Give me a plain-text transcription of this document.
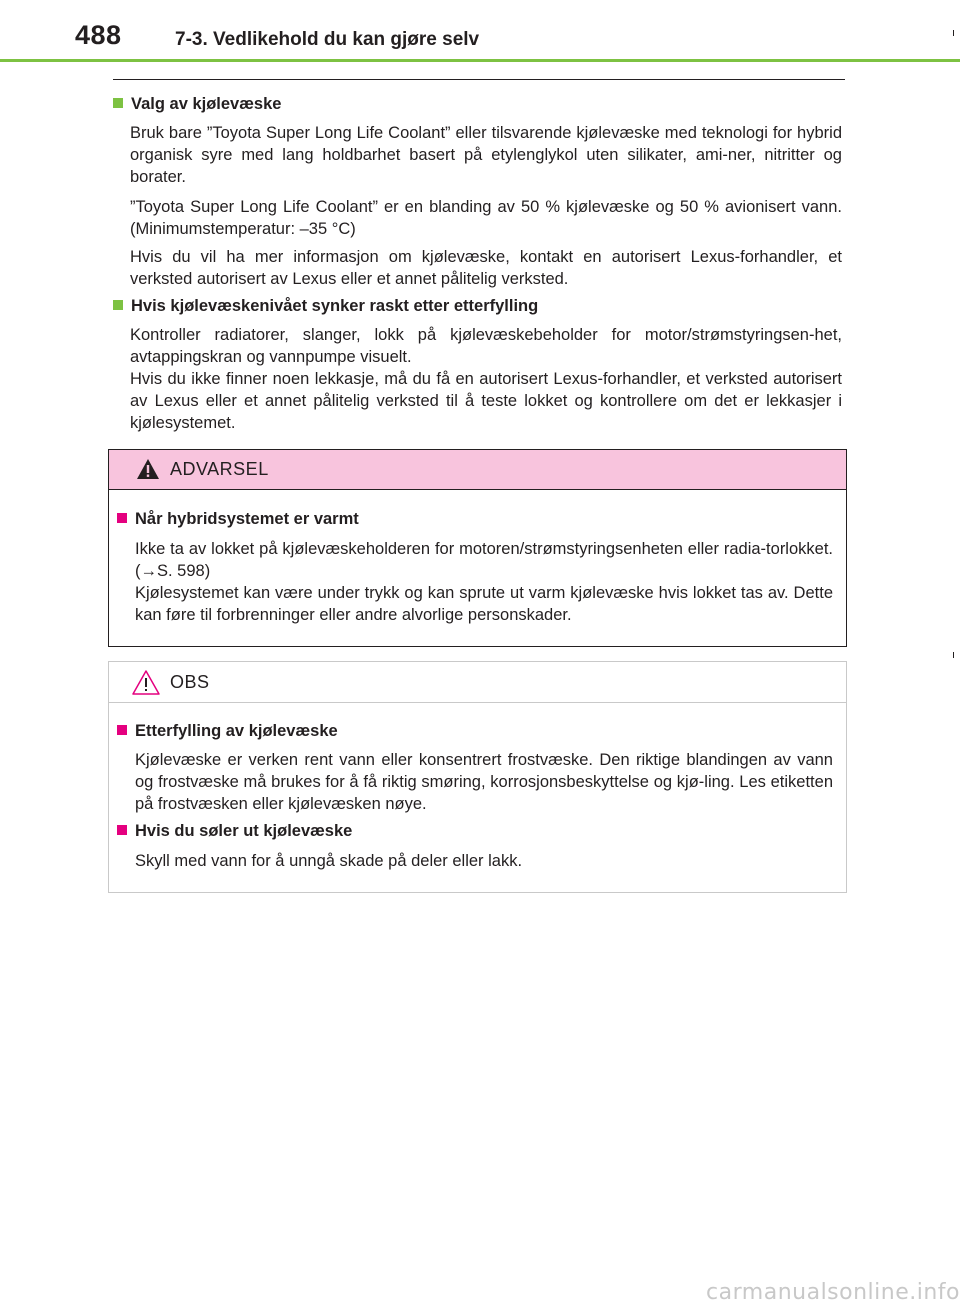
488	7-3. Vedlikehold du kan gjøre selv
Valg av kjølevæske
Bruk bare ”Toyota Super Long Life Coolant” eller tilsvarende kjølevæske med teknologi for hybrid organisk syre med lang holdbarhet basert på etylenglykol uten silikater, ami-ner, nitritter og borater.
”Toyota Super Long Life Coolant” er en blanding av 50 % kjølevæske og 50 % avionisert vann. (Minimumstemperatur: –35 °C)
Hvis du vil ha mer informasjon om kjølevæske, kontakt en autorisert Lexus-forhandler, et verksted autorisert av Lexus eller et annet pålitelig verksted.
Hvis kjølevæskenivået synker raskt etter etterfylling
Kontroller radiatorer, slanger, lokk på kjølevæskebeholder for motor/strømstyringsen-het, avtappingskran og vannpumpe visuelt.
Hvis du ikke finner noen lekkasje, må du få en autorisert Lexus-forhandler, et verksted autorisert av Lexus eller et annet pålitelig verksted til å teste lokket og kontrollere om det er lekkasjer i kjølesystemet.
ADVARSEL
Når hybridsystemet er varmt
Ikke ta av lokket på kjølevæskeholderen for motoren/strømstyringsenheten eller radia-torlokket. (→S. 598)
Kjølesystemet kan være under trykk og kan sprute ut varm kjølevæske hvis lokket tas av. Dette kan føre til forbrenninger eller andre alvorlige personskader.
OBS
Etterfylling av kjølevæske
Kjølevæske er verken rent vann eller konsentrert frostvæske. Den riktige blandingen av vann og frostvæske må brukes for å få riktig smøring, korrosjonsbeskyttelse og kjø-ling. Les etiketten på frostvæsken eller kjølevæsken nøye.
Hvis du søler ut kjølevæske
Skyll med vann for å unngå skade på deler eller lakk.
carmanualsonline.info
